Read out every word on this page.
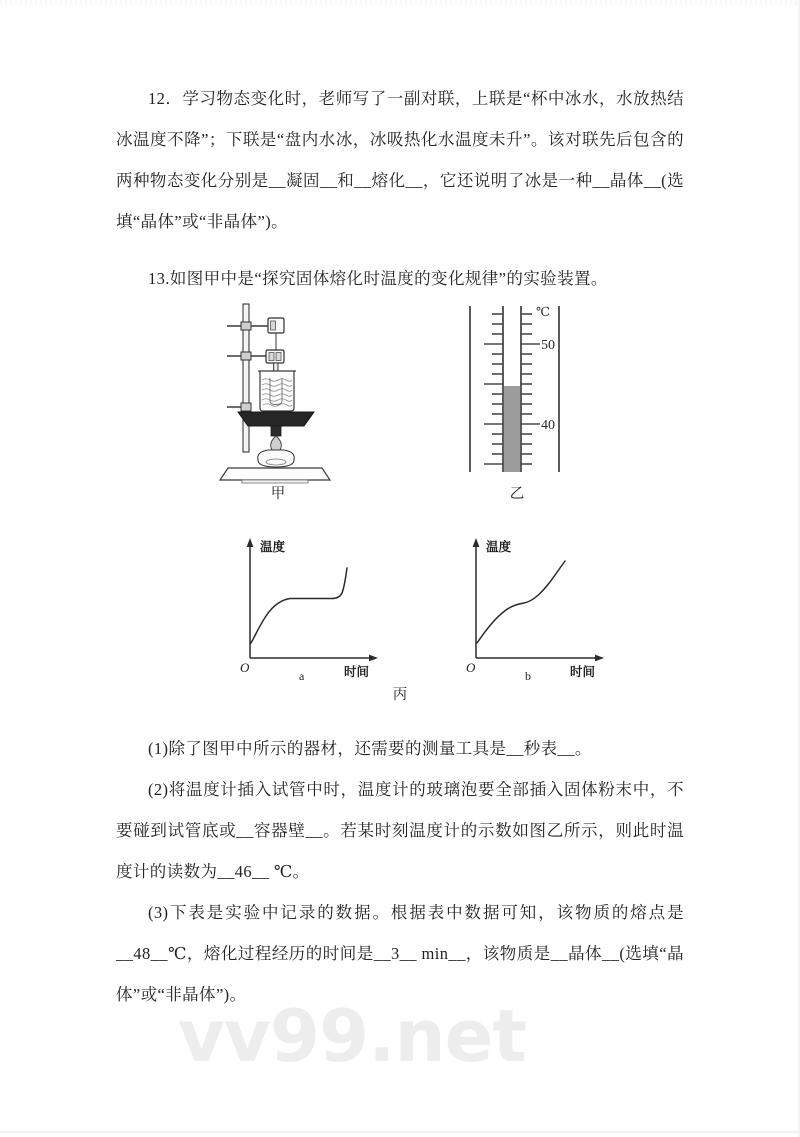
vv99.net

12．学习物态变化时，老师写了一副对联，上联是“杯中冰水，水放热结冰温度不降”；下联是“盘内水冰，冰吸热化水温度未升”。该对联先后包含的两种物态变化分别是__凝固__和__熔化__，它还说明了冰是一种__晶体__(选填“晶体”或“非晶体”)。

13.如图甲中是“探究固体熔化时温度的变化规律”的实验装置。

甲
℃
50
40
乙
温度
O	时间
a
温度
O	时间
b
丙

(1)除了图甲中所示的器材，还需要的测量工具是__秒表__。

(2)将温度计插入试管中时，温度计的玻璃泡要全部插入固体粉末中，不要碰到试管底或__容器壁__。若某时刻温度计的示数如图乙所示，则此时温度计的读数为__46__ ℃。

(3)下表是实验中记录的数据。根据表中数据可知，该物质的熔点是__48__℃，熔化过程经历的时间是__3__ min__，该物质是__晶体__(选填“晶体”或“非晶体”)。
